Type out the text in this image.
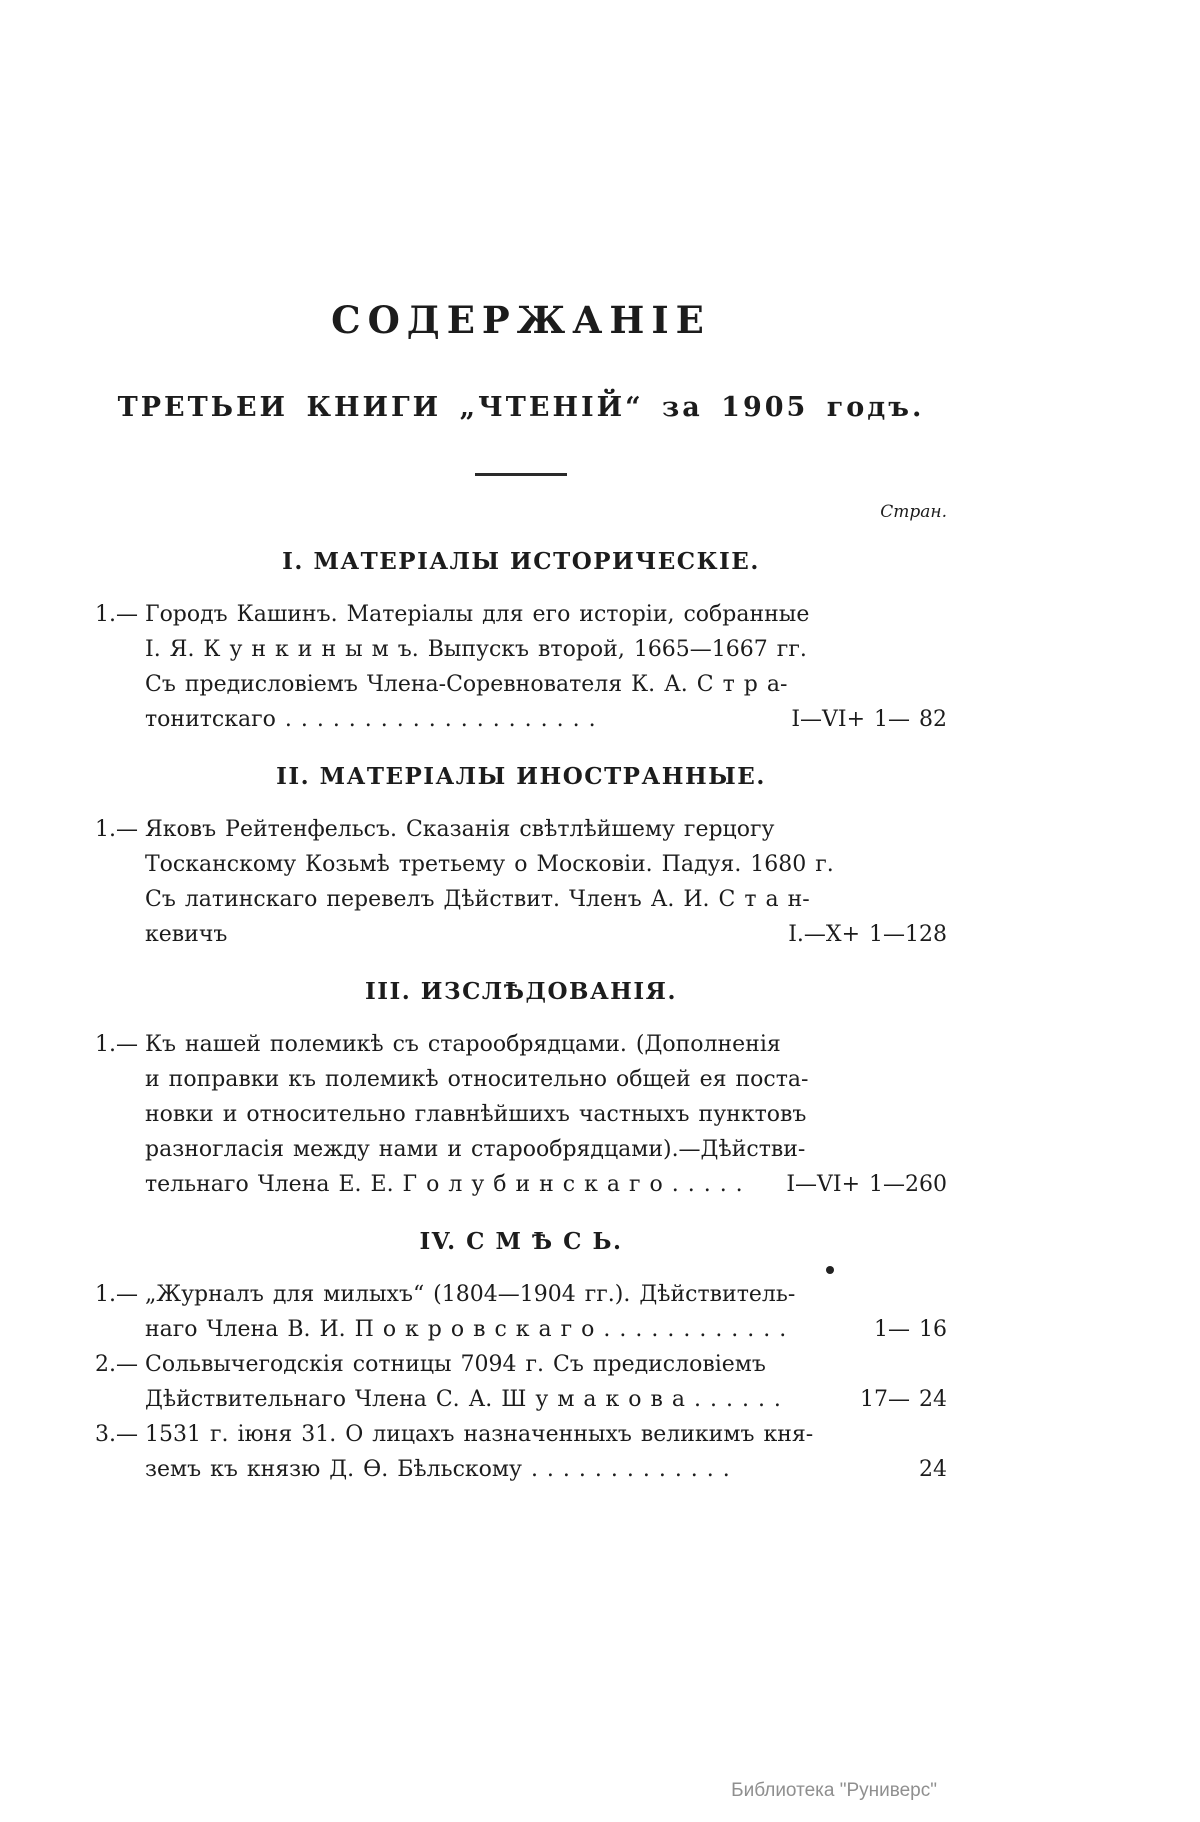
СОДЕРЖАНІЕ
ТРЕТЬЕИ КНИГИ „ЧТЕНІЙ“ за 1905 годъ.
Стран.
І. МАТЕРІАЛЫ ИСТОРИЧЕСКІЕ.
1.— Городъ Кашинъ. Матеріалы для его исторіи, собранные
І. Я. К у н к и н ы м ъ. Выпускъ второй, 1665—1667 гг.
Съ предисловіемъ Члена-Соревнователя К. А. С т р а-
тонитскаго . . . . . . . . . . . . . . . . . . . .	І—VI+ 1— 82
ІІ. МАТЕРІАЛЫ ИНОСТРАННЫЕ.
1.— Яковъ Рейтенфельсъ. Сказанія свѣтлѣйшему герцогу
Тосканскому Козьмѣ третьему о Московіи. Падуя. 1680 г.
Съ латинскаго перевелъ Дѣйствит. Членъ А. И. С т а н-
кевичъ	І.—X+ 1—128
ІІІ. ИЗСЛѢДОВАНІЯ.
1.— Къ нашей полемикѣ съ старообрядцами. (Дополненія
и поправки къ полемикѣ относительно общей ея поста-
новки и относительно главнѣйшихъ частныхъ пунктовъ
разногласія между нами и старообрядцами).—Дѣйстви-
тельнаго Члена Е. Е. Г о л у б и н с к а г о . . . . .	І—VI+ 1—260
ІV. С М Ѣ С Ь.
1.— „Журналъ для милыхъ“ (1804—1904 гг.). Дѣйствитель-
наго Члена В. И. П о к р о в с к а г о . . . . . . . . . . . .	1— 16
2.— Сольвычегодскія сотницы 7094 г. Съ предисловіемъ
Дѣйствительнаго Члена С. А. Ш у м а к о в а . . . . . .	17— 24
3.— 1531 г. іюня 31. О лицахъ назначенныхъ великимъ кня-
земъ къ князю Д. Ѳ. Бѣльскому . . . . . . . . . . . . .	24
Библиотека "Руниверс"
